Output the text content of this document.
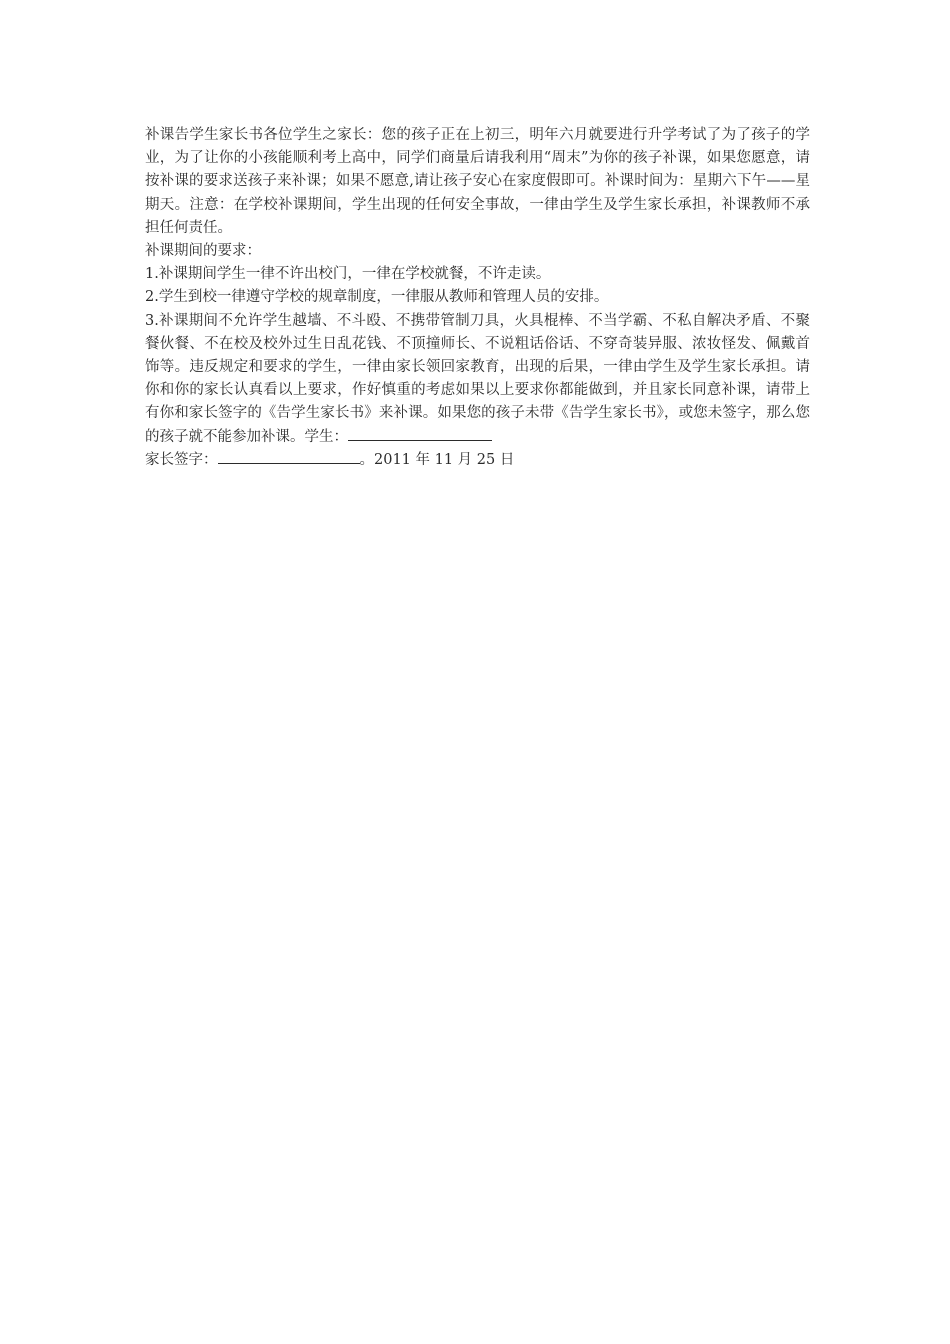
补课告学生家长书各位学生之家长：您的孩子正在上初三，明年六月就要进行升学考试了为了孩子的学业，为了让你的小孩能顺利考上高中，同学们商量后请我利用“周末”为你的孩子补课，如果您愿意，请按补课的要求送孩子来补课；如果不愿意,请让孩子安心在家度假即可。补课时间为：星期六下午——星期天。注意：在学校补课期间，学生出现的任何安全事故，一律由学生及学生家长承担，补课教师不承担任何责任。

补课期间的要求：

1.补课期间学生一律不许出校门，一律在学校就餐，不许走读。

2.学生到校一律遵守学校的规章制度，一律服从教师和管理人员的安排。

3.补课期间不允许学生越墙、不斗殴、不携带管制刀具，火具棍棒、不当学霸、不私自解决矛盾、不聚餐伙餐、不在校及校外过生日乱花钱、不顶撞师长、不说粗话俗话、不穿奇装异服、浓妆怪发、佩戴首饰等。违反规定和要求的学生，一律由家长领回家教育，出现的后果，一律由学生及学生家长承担。请你和你的家长认真看以上要求，作好慎重的考虑如果以上要求你都能做到，并且家长同意补课，请带上有你和家长签字的《告学生家长书》来补课。如果您的孩子未带《告学生家长书》，或您未签字，那么您的孩子就不能参加补课。学生：

家长签字：	。2011 年 11 月 25 日
